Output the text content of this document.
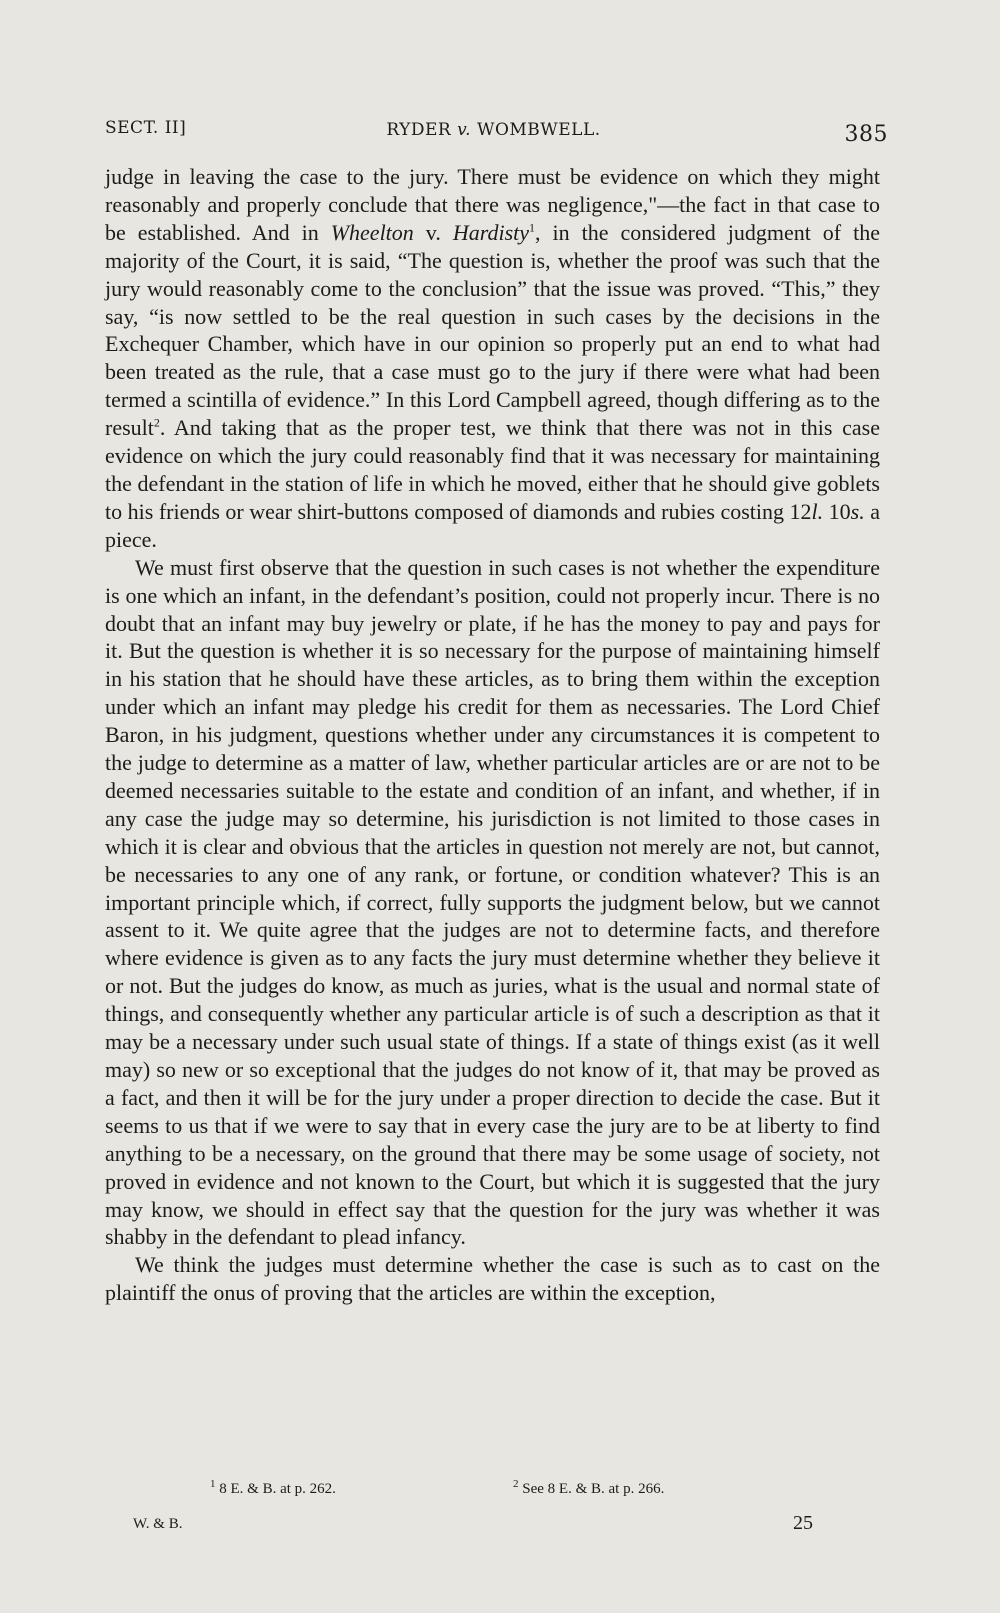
SECT. II]	RYDER v. WOMBWELL.	385

judge in leaving the case to the jury. There must be evidence on which they might reasonably and properly conclude that there was negligence,"—the fact in that case to be established. And in Wheelton v. Hardisty$^1$, in the considered judgment of the majority of the Court, it is said, “The question is, whether the proof was such that the jury would reasonably come to the conclusion” that the issue was proved. “This,” they say, “is now settled to be the real question in such cases by the decisions in the Exchequer Chamber, which have in our opinion so properly put an end to what had been treated as the rule, that a case must go to the jury if there were what had been termed a scintilla of evidence.” In this Lord Campbell agreed, though differing as to the result$^2$. And taking that as the proper test, we think that there was not in this case evidence on which the jury could reasonably find that it was necessary for maintaining the defendant in the station of life in which he moved, either that he should give goblets to his friends or wear shirt-buttons composed of diamonds and rubies costing 12l. 10s. a piece.

We must first observe that the question in such cases is not whether the expenditure is one which an infant, in the defendant’s position, could not properly incur. There is no doubt that an infant may buy jewelry or plate, if he has the money to pay and pays for it. But the question is whether it is so necessary for the purpose of maintaining himself in his station that he should have these articles, as to bring them within the exception under which an infant may pledge his credit for them as necessaries. The Lord Chief Baron, in his judgment, questions whether under any circumstances it is competent to the judge to determine as a matter of law, whether particular articles are or are not to be deemed necessaries suitable to the estate and condition of an infant, and whether, if in any case the judge may so determine, his jurisdiction is not limited to those cases in which it is clear and obvious that the articles in question not merely are not, but cannot, be necessaries to any one of any rank, or fortune, or condition whatever? This is an important principle which, if correct, fully supports the judgment below, but we cannot assent to it. We quite agree that the judges are not to determine facts, and therefore where evidence is given as to any facts the jury must determine whether they believe it or not. But the judges do know, as much as juries, what is the usual and normal state of things, and consequently whether any particular article is of such a description as that it may be a necessary under such usual state of things. If a state of things exist (as it well may) so new or so exceptional that the judges do not know of it, that may be proved as a fact, and then it will be for the jury under a proper direction to decide the case. But it seems to us that if we were to say that in every case the jury are to be at liberty to find anything to be a necessary, on the ground that there may be some usage of society, not proved in evidence and not known to the Court, but which it is suggested that the jury may know, we should in effect say that the question for the jury was whether it was shabby in the defendant to plead infancy.

We think the judges must determine whether the case is such as to cast on the plaintiff the onus of proving that the articles are within the exception,

$^1$ 8 E. & B. at p. 262.	$^2$ See 8 E. & B. at p. 266.
W. & B.	25
